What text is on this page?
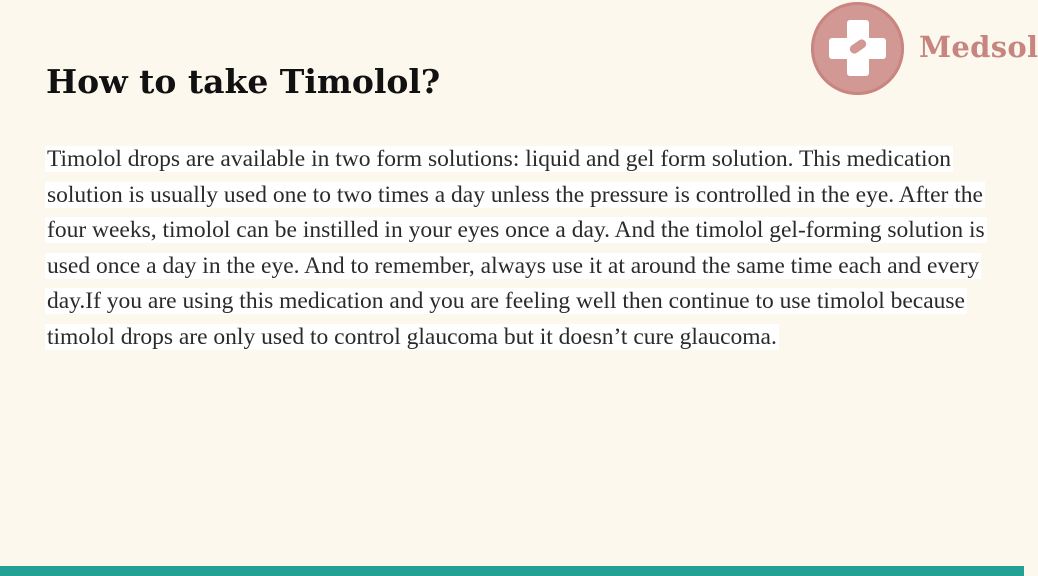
Medsol
How to take Timolol?

Timolol drops are available in two form solutions: liquid and gel form solution. This medication solution is usually used one to two times a day unless the pressure is controlled in the eye. After the four weeks, timolol can be instilled in your eyes once a day. And the timolol gel-forming solution is used once a day in the eye. And to remember, always use it at around the same time each and every day.If you are using this medication and you are feeling well then continue to use timolol because timolol drops are only used to control glaucoma but it doesn’t cure glaucoma.
